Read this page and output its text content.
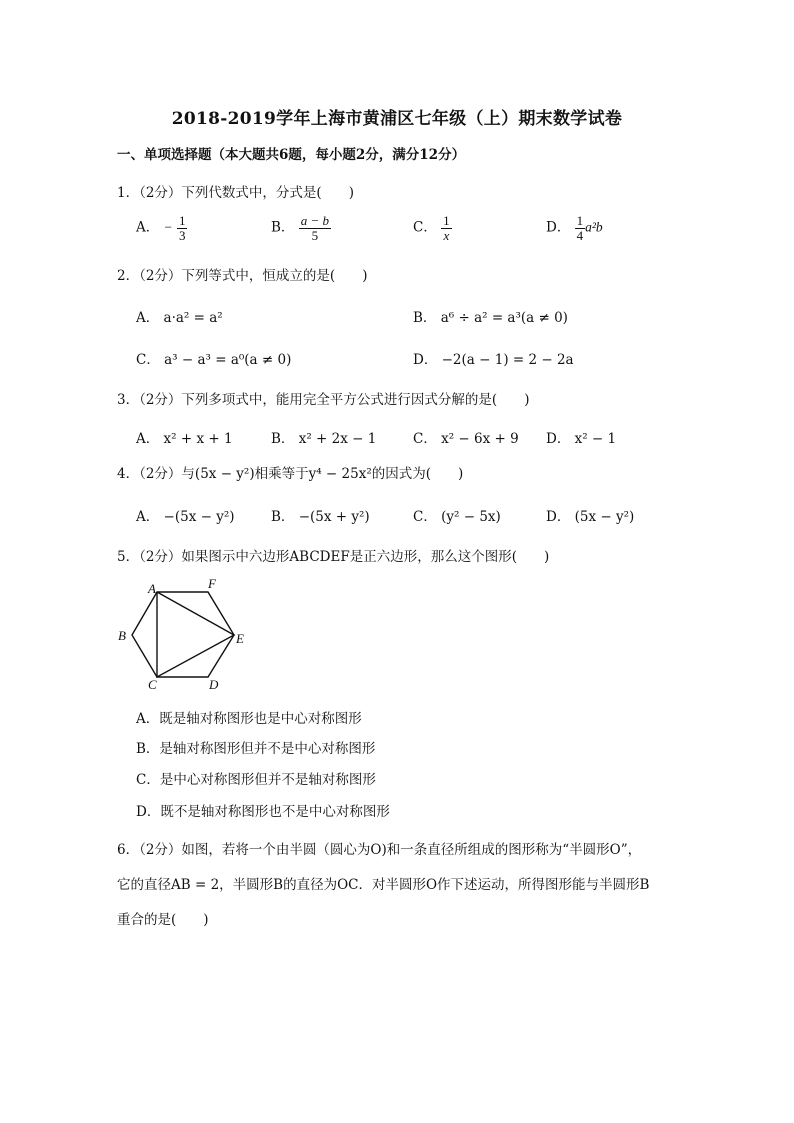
2018-2019学年上海市黄浦区七年级（上）期末数学试卷
一、单项选择题（本大题共6题，每小题2分，满分12分）
1．（2分）下列代数式中，分式是(　　)
A． − $\frac{1}{3}$	B． $\frac{a - b}{5}$	C． $\frac{1}{x}$	D． $\frac{1}{4} a^2b$
2．（2分）下列等式中，恒成立的是(　　)
A． a·a² = a²	B． a⁶ ÷ a² = a³(a ≠ 0)
C． a³ − a³ = a⁰(a ≠ 0)	D． −2(a − 1) = 2 − 2a
3．（2分）下列多项式中，能用完全平方公式进行因式分解的是(　　)
A． x² + x + 1	B． x² + 2x − 1	C． x² − 6x + 9 D． x² − 1
4．（2分）与(5x − y²)相乘等于y⁴ − 25x²的因式为(　　)
A． −(5x − y²)	B． −(5x + y²)	C． (y² − 5x)	D． (5x − y²)
5．（2分）如果图示中六边形ABCDEF是正六边形，那么这个图形(　　)
A	F
B	E
C	D
A．既是轴对称图形也是中心对称图形
B．是轴对称图形但并不是中心对称图形
C．是中心对称图形但并不是轴对称图形
D．既不是轴对称图形也不是中心对称图形
6．（2分）如图，若将一个由半圆（圆心为O)和一条直径所组成的图形称为“半圆形O”，
它的直径AB = 2，半圆形B的直径为OC．对半圆形O作下述运动，所得图形能与半圆形B
重合的是(　　)
